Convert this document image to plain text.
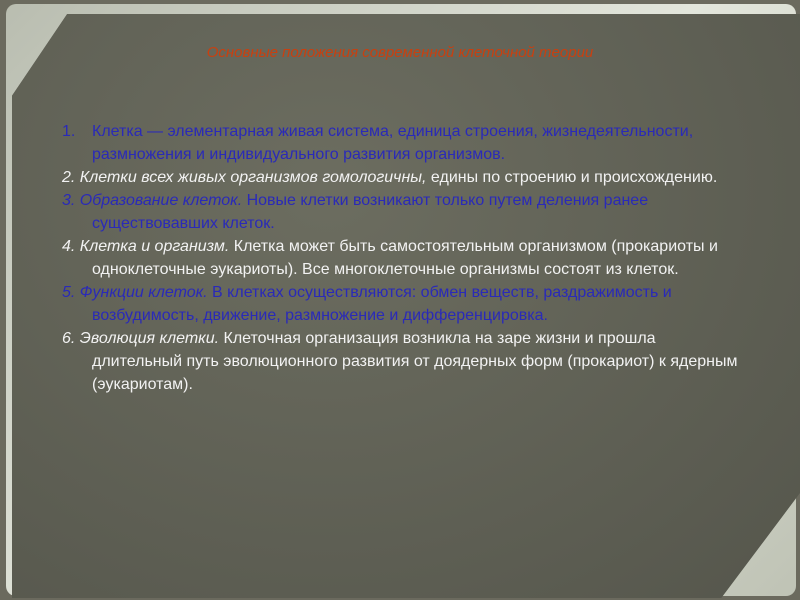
Основные положения современной клеточной теории

1. Клетка — элементарная живая система, единица строения, жизнедеятельности, размножения и индивидуального развития организмов.

2. Клетки всех живых организмов гомологичны, едины по строению и происхождению.

3. Образование клеток. Новые клетки возникают только путем деления ранее существовавших клеток.

4. Клетка и организм. Клетка может быть самостоятельным организмом (прокариоты и одноклеточные эукариоты). Все многоклеточные организмы состоят из клеток.

5. Функции клеток. В клетках осуществляются: обмен веществ, раздражимость и возбудимость, движение, размножение и дифференцировка.

6. Эволюция клетки. Клеточная организация возникла на заре жизни и прошла длительный путь эволюционного развития от доядерных форм (прокариот) к ядерным (эукариотам).
